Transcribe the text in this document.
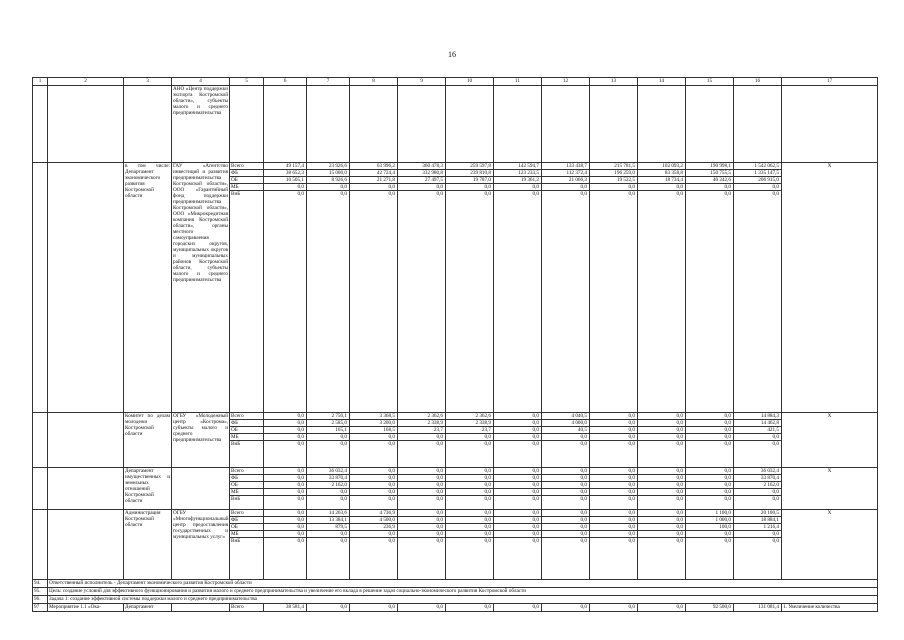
16
1	2	3	4	5	6	7	8	9	10	11	12	13	14	15	16	17
			АНО «Центр поддержки экспорта Костромской области», субъекты малого и среднего предпринимательства													
		в том числе: Департамент экономического развития Костромской области	ГАУ «Агентство инвестиций и развития предпринимательства Костромской области», ООО «Гарантийный фонд поддержки предпринимательства Костромской области», ООО «Микрокредитная компания Костромской области», органы местного самоуправления городских округов, муниципальных округов и муниципальных районов Костромской области, субъекты малого и среднего предпринимательства	Всего	49 157,4	23 926,6	63 996,2	360 478,3	259 597,8	142 594,7	133 438,7	215 781,5	102 093,2	190 998,1	1 542 062,5	X
				ФБ	38 652,3	15 000,0	42 724,4	332 980,8	239 810,8	123 233,5	112 372,4	196 259,0	83 358,8	150 755,5	1 335 147,5	
				ОБ	10 505,1	8 926,6	21 271,8	27 497,5	19 787,0	19 361,2	21 066,3	19 522,5	18 734,4	40 242,6	206 915,0	
				МБ	0,0	0,0	0,0	0,0	0,0	0,0	0,0	0,0	0,0	0,0	0,0	
				ВнБ	0,0	0,0	0,0	0,0	0,0	0,0	0,0	0,0	0,0	0,0	0,0	
		Комитет по делам молодежи Костромской области	ОГБУ «Молодежный центр «Кострома», субъекты малого и среднего предпринимательства	Всего	0,0	2 750,1	3 368,5	2 362,6	2 362,6	0,0	4 040,5	0,0	0,0	0,0	14 884,3	X
				ФБ	0,0	2 585,0	3 200,0	2 338,9	2 338,9	0,0	4 000,0	0,0	0,0	0,0	14 462,8	
				ОБ	0,0	165,1	168,5	23,7	23,7	0,0	40,5	0,0	0,0	0,0	421,5	
				МБ	0,0	0,0	0,0	0,0	0,0	0,0	0,0	0,0	0,0	0,0	0,0	
				ВнБ	0,0	0,0	0,0	0,0	0,0	0,0	0,0	0,0	0,0	0,0	0,0	
		Департамент имущественных и земельных отношений Костромской области		Всего	0,0	36 032,4	0,0	0,0	0,0	0,0	0,0	0,0	0,0	0,0	36 032,4	X
				ФБ	0,0	33 870,4	0,0	0,0	0,0	0,0	0,0	0,0	0,0	0,0	33 870,4	
				ОБ	0,0	2 162,0	0,0	0,0	0,0	0,0	0,0	0,0	0,0	0,0	2 162,0	
				МБ	0,0	0,0	0,0	0,0	0,0	0,0	0,0	0,0	0,0	0,0	0,0	
				ВнБ	0,0	0,0	0,0	0,0	0,0	0,0	0,0	0,0	0,0	0,0	0,0	
		Администрация Костромской области	ОГБУ «Многофункциональный центр предоставления государственных и муниципальных услуг»	Всего	0,0	14 263,6	4 736,9	0,0	0,0	0,0	0,0	0,0	0,0	1 100,0	20 100,5	X
				ФБ	0,0	13 384,1	4 500,0	0,0	0,0	0,0	0,0	0,0	0,0	1 000,0	18 884,1	
				ОБ	0,0	879,5	236,9	0,0	0,0	0,0	0,0	0,0	0,0	100,0	1 216,4	
				МБ	0,0	0,0	0,0	0,0	0,0	0,0	0,0	0,0	0,0	0,0	0,0	
				ВнБ	0,0	0,0	0,0	0,0	0,0	0,0	0,0	0,0	0,0	0,0	0,0	
94.	Ответственный исполнитель - Департамент экономического развития Костромской области															
95.	Цель: создание условий для эффективного функционирования и развития малого и среднего предпринимательства и увеличение его вклада в решение задач социально-экономического развития Костромской области															
96.	Задача 1: создание эффективной системы поддержки малого и среднего предпринимательства															
97	Мероприятие 1.1 «Ока-	Департамент		Всего	38 581,4	0,0	0,0	0,0	0,0	0,0	0,0	0,0	0,0	92 500,0	131 081,4	1. Увеличение количества
